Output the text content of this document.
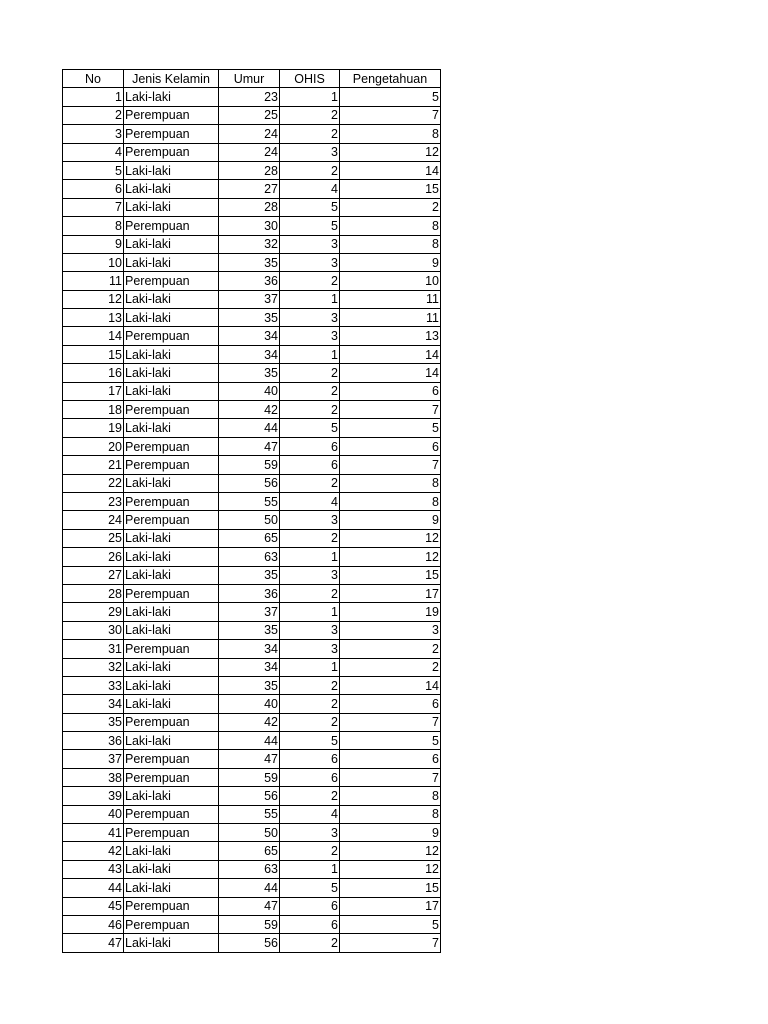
No	Jenis Kelamin	Umur	OHIS	Pengetahuan
1	Laki-laki	23	1	5
2	Perempuan	25	2	7
3	Perempuan	24	2	8
4	Perempuan	24	3	12
5	Laki-laki	28	2	14
6	Laki-laki	27	4	15
7	Laki-laki	28	5	2
8	Perempuan	30	5	8
9	Laki-laki	32	3	8
10	Laki-laki	35	3	9
11	Perempuan	36	2	10
12	Laki-laki	37	1	11
13	Laki-laki	35	3	11
14	Perempuan	34	3	13
15	Laki-laki	34	1	14
16	Laki-laki	35	2	14
17	Laki-laki	40	2	6
18	Perempuan	42	2	7
19	Laki-laki	44	5	5
20	Perempuan	47	6	6
21	Perempuan	59	6	7
22	Laki-laki	56	2	8
23	Perempuan	55	4	8
24	Perempuan	50	3	9
25	Laki-laki	65	2	12
26	Laki-laki	63	1	12
27	Laki-laki	35	3	15
28	Perempuan	36	2	17
29	Laki-laki	37	1	19
30	Laki-laki	35	3	3
31	Perempuan	34	3	2
32	Laki-laki	34	1	2
33	Laki-laki	35	2	14
34	Laki-laki	40	2	6
35	Perempuan	42	2	7
36	Laki-laki	44	5	5
37	Perempuan	47	6	6
38	Perempuan	59	6	7
39	Laki-laki	56	2	8
40	Perempuan	55	4	8
41	Perempuan	50	3	9
42	Laki-laki	65	2	12
43	Laki-laki	63	1	12
44	Laki-laki	44	5	15
45	Perempuan	47	6	17
46	Perempuan	59	6	5
47	Laki-laki	56	2	7
